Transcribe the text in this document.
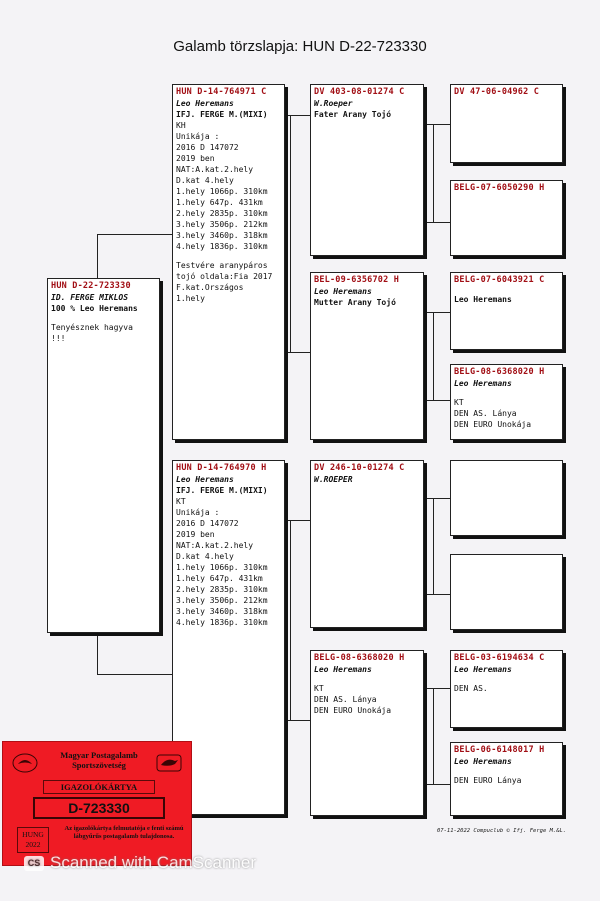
Galamb törzslapja: HUN D-22-723330
HUN D-22-723330
ID. FERGE MIKLOS
100 % Leo Heremans
Tenyésznek hagyva
!!!
HUN D-14-764971 C
Leo Heremans
IFJ. FERGE M.(MIXI)
KH
Unikája :
2016 D 147072
2019 ben
NAT:A.kat.2.hely
D.kat 4.hely
1.hely 1066p. 310km
1.hely 647p. 431km
2.hely 2835p. 310km
3.hely 3506p. 212km
3.hely 3460p. 318km
4.hely 1836p. 310km
Testvére aranypáros
tojó oldala:Fia 2017
F.kat.Országos
1.hely
HUN D-14-764970 H
Leo Heremans
IFJ. FERGE M.(MIXI)
KT
Unikája :
2016 D 147072
2019 ben
NAT:A.kat.2.hely
D.kat 4.hely
1.hely 1066p. 310km
1.hely 647p. 431km
2.hely 2835p. 310km
3.hely 3506p. 212km
3.hely 3460p. 318km
4.hely 1836p. 310km
DV 403-08-01274 C
W.Roeper
Fater Arany Tojó
BEL-09-6356702 H
Leo Heremans
Mutter Arany Tojó
DV 246-10-01274 C
W.ROEPER
BELG-08-6368020 H
Leo Heremans
KT
DEN AS. Lánya
DEN EURO Unokája
DV 47-06-04962 C
BELG-07-6050290 H
BELG-07-6043921 C
Leo Heremans
BELG-08-6368020 H
Leo Heremans
KT
DEN AS. Lánya
DEN EURO Unokája
BELG-03-6194634 C
Leo Heremans
DEN AS.
BELG-06-6148017 H
Leo Heremans
DEN EURO Lánya
07-11-2022 Compuclub © Ifj. Ferge M.&L.
Magyar Postagalamb Sportszövetség
IGAZOLÓKÁRTYA
D-723330
HUNG
2022
Az igazolókártya felmutatója e fenti számú lábgyűrűs postagalamb tulajdonosa.
CS Scanned with CamScanner
